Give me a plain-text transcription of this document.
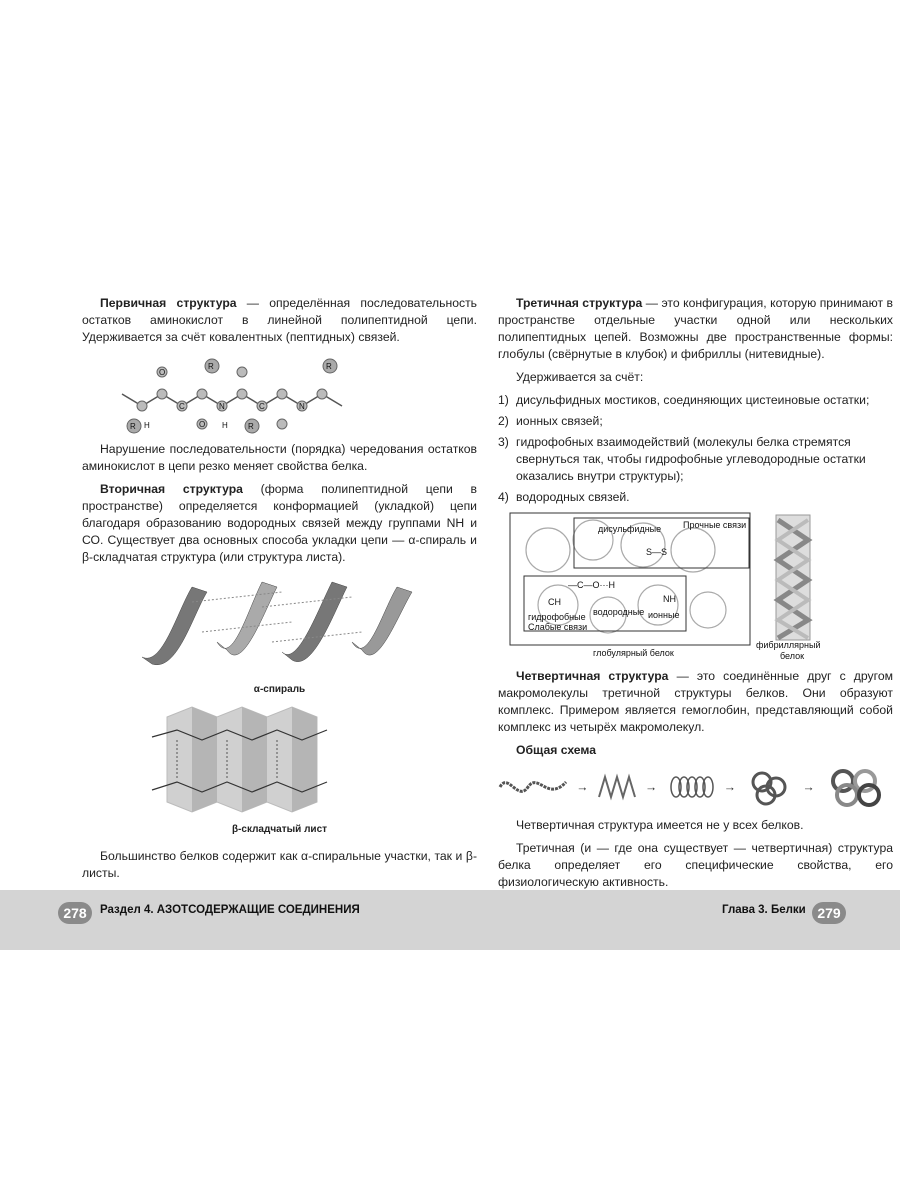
Первичная структура — определённая последовательность остатков аминокислот в линейной полипептидной цепи. Удерживается за счёт ковалентных (пептидных) связей.

R
R
R
R
H	H
O
O
N	N
C	C

Нарушение последовательности (порядка) чередования остатков аминокислот в цепи резко меняет свойства белка.

Вторичная структура (форма полипептидной цепи в пространстве) определяется конформацией (укладкой) цепи благодаря образованию водородных связей между группами NH и СО. Существует два основных способа укладки цепи — α-спираль и β-складчатая структура (или структура листа).

α-спираль

β-складчатый лист

Большинство белков содержит как α-спиральные участки, так и β-листы.

Третичная структура — это конфигурация, которую принимают в пространстве отдельные участки одной или нескольких полипептидных цепей. Возможны две пространственные формы: глобулы (свёрнутые в клубок) и фибриллы (нитевидные).

Удерживается за счёт:

1) дисульфидных мостиков, соединяющих цистеиновые остатки;
2) ионных связей;
3) гидрофобных взаимодействий (молекулы белка стремятся свернуться так, чтобы гидрофобные углеводородные остатки оказались внутри структуры);
4) водородных связей.
Прочные связи
дисульфидные
S—S
—C—O···H
CH	NH
водородные ионные
гидрофобные
Слабые связи
глобулярный белок
фибриллярный
белок

Четвертичная структура — это соединённые друг с другом макромолекулы третичной структуры белков. Они образуют комплекс. Примером является гемоглобин, представляющий собой комплекс из четырёх макромолекул.

Общая схема

→	→	→	→

Четвертичная структура имеется не у всех белков.

Третичная (и — где она существует — четвертичная) структура белка определяет его специфические свойства, его физиологическую активность.

278	Раздел 4. АЗОТСОДЕРЖАЩИЕ СОЕДИНЕНИЯ	Глава 3. Белки 279
